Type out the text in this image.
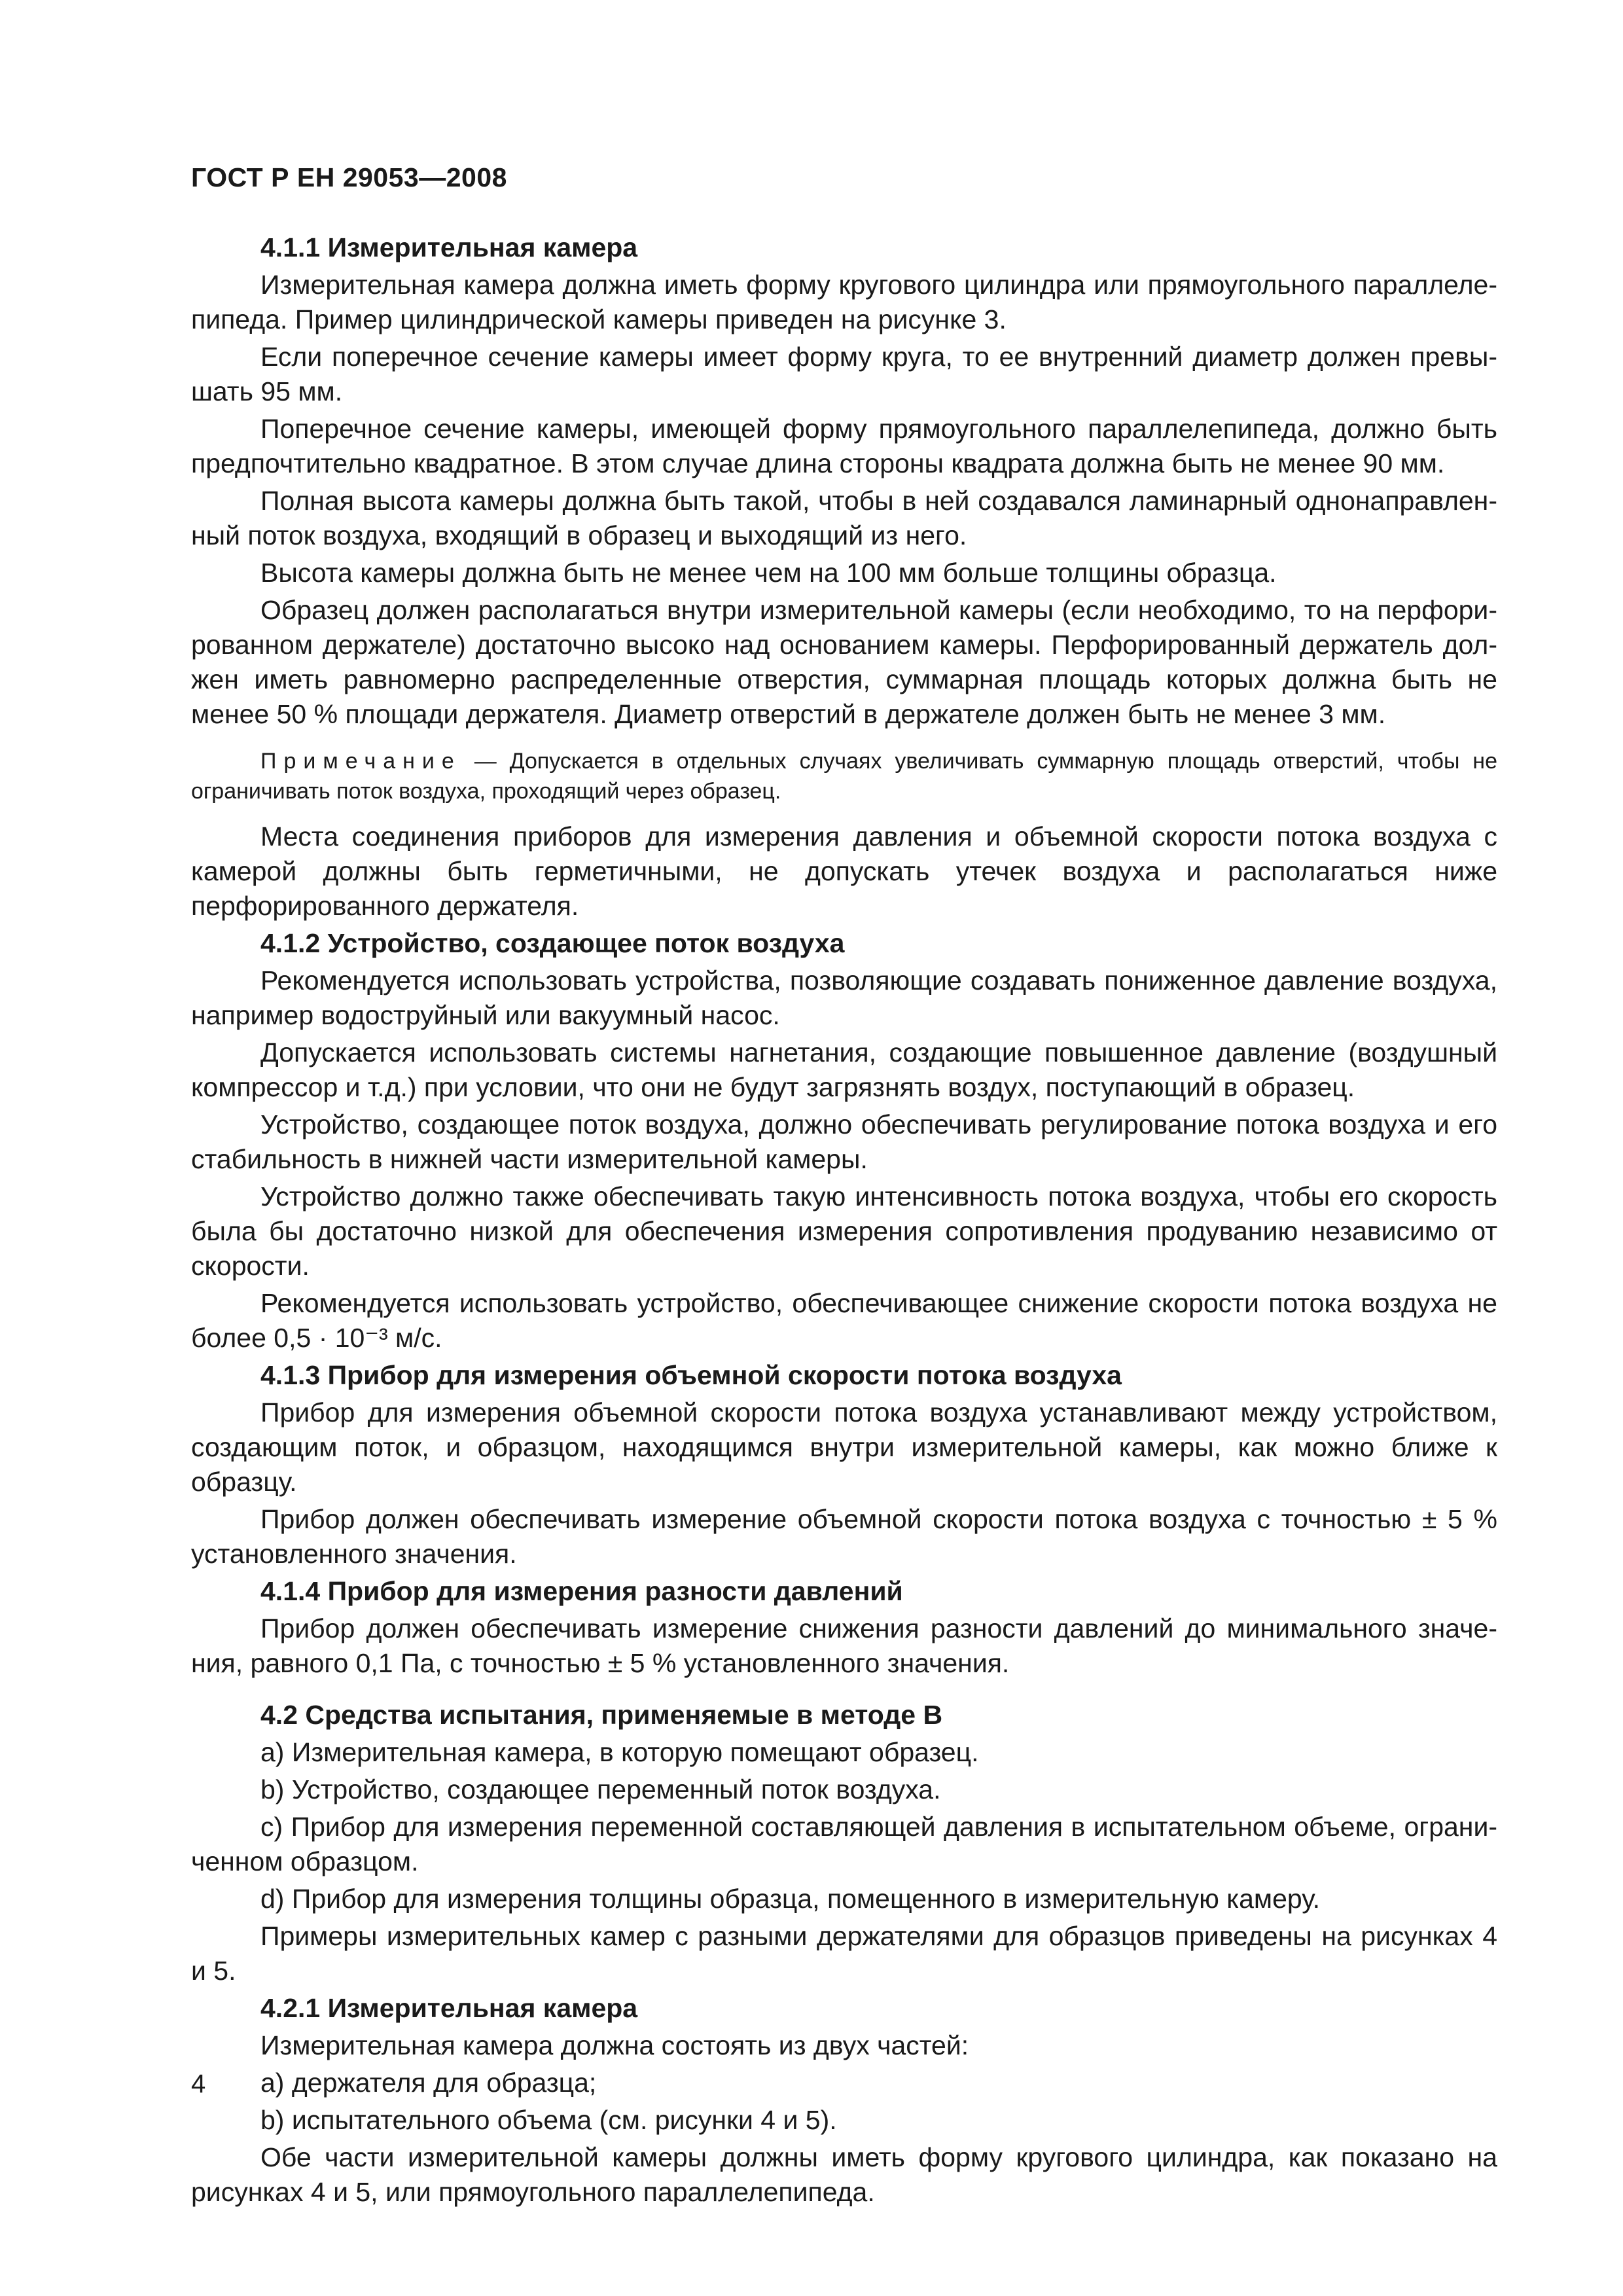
ГОСТ Р ЕН 29053—2008

4.1.1 Измерительная камера

Измерительная камера должна иметь форму кругового цилиндра или прямоугольного параллелепипеда. Пример цилиндрической камеры приведен на рисунке 3.

Если поперечное сечение камеры имеет форму круга, то ее внутренний диаметр должен превышать 95 мм.

Поперечное сечение камеры, имеющей форму прямоугольного параллелепипеда, должно быть предпочтительно квадратное. В этом случае длина стороны квадрата должна быть не менее 90 мм.

Полная высота камеры должна быть такой, чтобы в ней создавался ламинарный однонаправленный поток воздуха, входящий в образец и выходящий из него.

Высота камеры должна быть не менее чем на 100 мм больше толщины образца.

Образец должен располагаться внутри измерительной камеры (если необходимо, то на перфорированном держателе) достаточно высоко над основанием камеры. Перфорированный держатель должен иметь равномерно распределенные отверстия, суммарная площадь которых должна быть не менее 50 % площади держателя. Диаметр отверстий в держателе должен быть не менее 3 мм.

Примечание — Допускается в отдельных случаях увеличивать суммарную площадь отверстий, чтобы не ограничивать поток воздуха, проходящий через образец.

Места соединения приборов для измерения давления и объемной скорости потока воздуха с камерой должны быть герметичными, не допускать утечек воздуха и располагаться ниже перфорированного держателя.

4.1.2 Устройство, создающее поток воздуха

Рекомендуется использовать устройства, позволяющие создавать пониженное давление воздуха, например водоструйный или вакуумный насос.

Допускается использовать системы нагнетания, создающие повышенное давление (воздушный компрессор и т.д.) при условии, что они не будут загрязнять воздух, поступающий в образец.

Устройство, создающее поток воздуха, должно обеспечивать регулирование потока воздуха и его стабильность в нижней части измерительной камеры.

Устройство должно также обеспечивать такую интенсивность потока воздуха, чтобы его скорость была бы достаточно низкой для обеспечения измерения сопротивления продуванию независимо от скорости.

Рекомендуется использовать устройство, обеспечивающее снижение скорости потока воздуха не более 0,5 · 10⁻³ м/с.

4.1.3 Прибор для измерения объемной скорости потока воздуха

Прибор для измерения объемной скорости потока воздуха устанавливают между устройством, создающим поток, и образцом, находящимся внутри измерительной камеры, как можно ближе к образцу.

Прибор должен обеспечивать измерение объемной скорости потока воздуха с точностью ± 5 % установленного значения.

4.1.4 Прибор для измерения разности давлений

Прибор должен обеспечивать измерение снижения разности давлений до минимального значения, равного 0,1 Па, с точностью ± 5 % установленного значения.

4.2 Средства испытания, применяемые в методе В

a) Измерительная камера, в которую помещают образец.

b) Устройство, создающее переменный поток воздуха.

c) Прибор для измерения переменной составляющей давления в испытательном объеме, ограниченном образцом.

d) Прибор для измерения толщины образца, помещенного в измерительную камеру.

Примеры измерительных камер с разными держателями для образцов приведены на рисунках 4 и 5.

4.2.1 Измерительная камера

Измерительная камера должна состоять из двух частей:

a) держателя для образца;

b) испытательного объема (см. рисунки 4 и 5).

Обе части измерительной камеры должны иметь форму кругового цилиндра, как показано на рисунках 4 и 5, или прямоугольного параллелепипеда.

4
